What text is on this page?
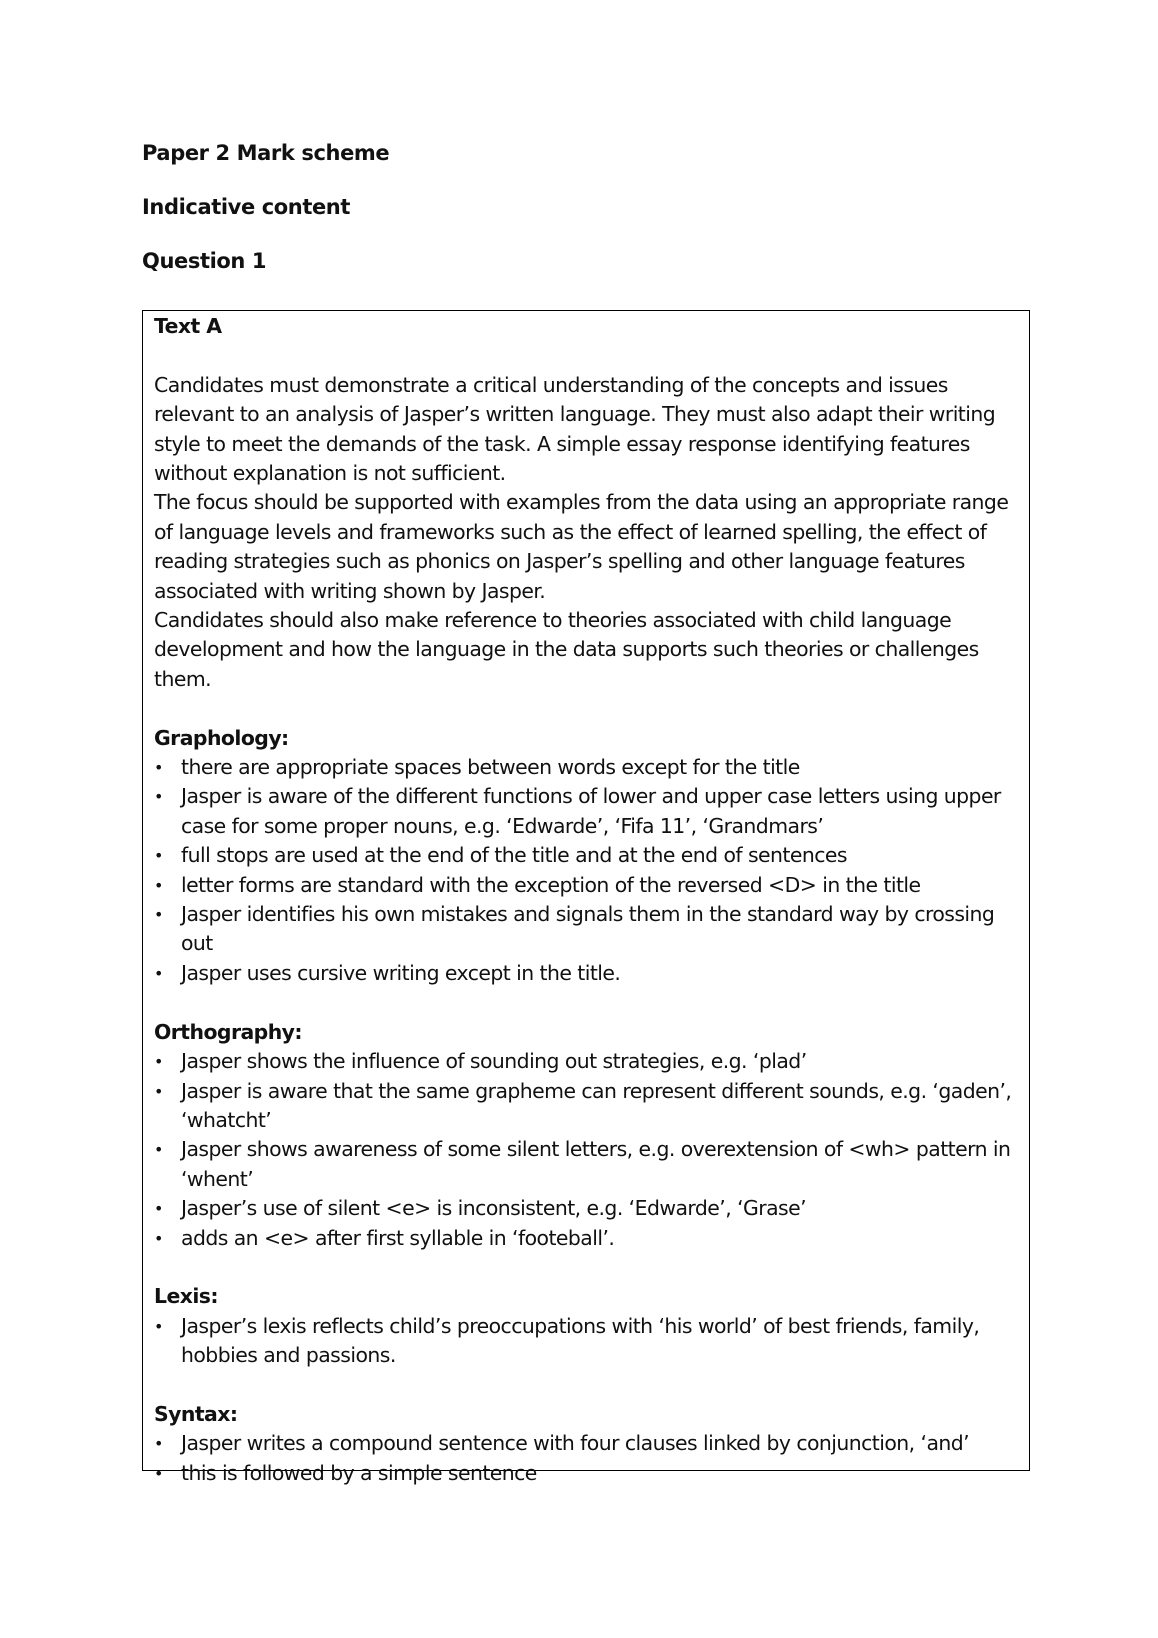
Paper 2 Mark scheme
Indicative content
Question 1

Text A

Candidates must demonstrate a critical understanding of the concepts and issues relevant to an analysis of Jasper’s written language. They must also adapt their writing style to meet the demands of the task. A simple essay response identifying features without explanation is not sufficient.

The focus should be supported with examples from the data using an appropriate range of language levels and frameworks such as the effect of learned spelling, the effect of reading strategies such as phonics on Jasper’s spelling and other language features associated with writing shown by Jasper.

Candidates should also make reference to theories associated with child language development and how the language in the data supports such theories or challenges them.

Graphology:

• there are appropriate spaces between words except for the title
• Jasper is aware of the different functions of lower and upper case letters using upper case for some proper nouns, e.g. ‘Edwarde’, ‘Fifa 11’, ‘Grandmars’
• full stops are used at the end of the title and at the end of sentences
• letter forms are standard with the exception of the reversed <D> in the title
• Jasper identifies his own mistakes and signals them in the standard way by crossing out
• Jasper uses cursive writing except in the title.

Orthography:

• Jasper shows the influence of sounding out strategies, e.g. ‘plad’
• Jasper is aware that the same grapheme can represent different sounds, e.g. ‘gaden’, ‘whatcht’
• Jasper shows awareness of some silent letters, e.g. overextension of <wh> pattern in ‘whent’
• Jasper’s use of silent <e> is inconsistent, e.g. ‘Edwarde’, ‘Grase’
• adds an <e> after first syllable in ‘footeball’.

Lexis:

• Jasper’s lexis reflects child’s preoccupations with ‘his world’ of best friends, family, hobbies and passions.

Syntax:

• Jasper writes a compound sentence with four clauses linked by conjunction, ‘and’
• this is followed by a simple sentence
